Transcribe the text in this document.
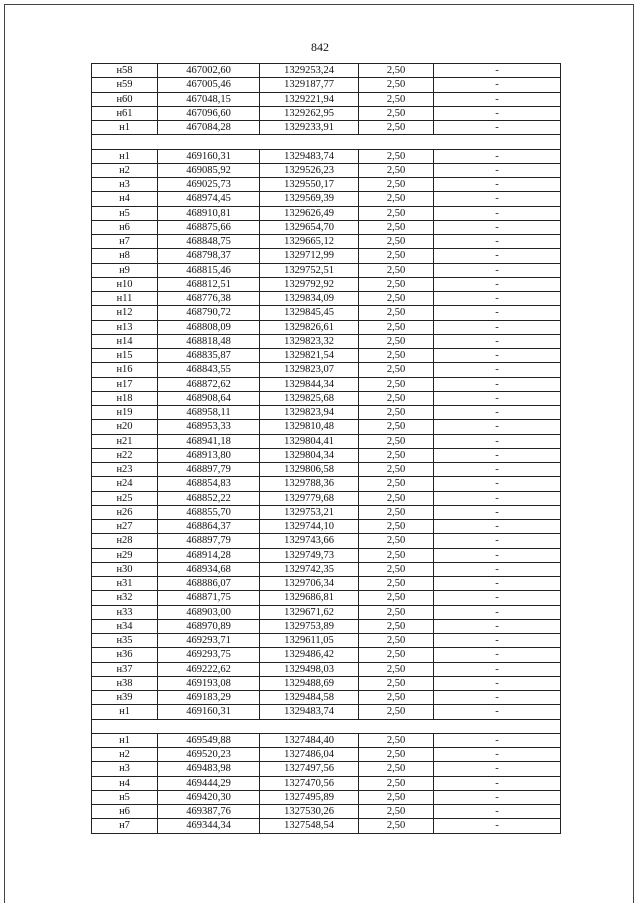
842
н58	467002,60	1329253,24	2,50	-
н59	467005,46	1329187,77	2,50	-
н60	467048,15	1329221,94	2,50	-
н61	467096,60	1329262,95	2,50	-
н1	467084,28	1329233,91	2,50	-

н1	469160,31	1329483,74	2,50	-
н2	469085,92	1329526,23	2,50	-
н3	469025,73	1329550,17	2,50	-
н4	468974,45	1329569,39	2,50	-
н5	468910,81	1329626,49	2,50	-
н6	468875,66	1329654,70	2,50	-
н7	468848,75	1329665,12	2,50	-
н8	468798,37	1329712,99	2,50	-
н9	468815,46	1329752,51	2,50	-
н10	468812,51	1329792,92	2,50	-
н11	468776,38	1329834,09	2,50	-
н12	468790,72	1329845,45	2,50	-
н13	468808,09	1329826,61	2,50	-
н14	468818,48	1329823,32	2,50	-
н15	468835,87	1329821,54	2,50	-
н16	468843,55	1329823,07	2,50	-
н17	468872,62	1329844,34	2,50	-
н18	468908,64	1329825,68	2,50	-
н19	468958,11	1329823,94	2,50	-
н20	468953,33	1329810,48	2,50	-
н21	468941,18	1329804,41	2,50	-
н22	468913,80	1329804,34	2,50	-
н23	468897,79	1329806,58	2,50	-
н24	468854,83	1329788,36	2,50	-
н25	468852,22	1329779,68	2,50	-
н26	468855,70	1329753,21	2,50	-
н27	468864,37	1329744,10	2,50	-
н28	468897,79	1329743,66	2,50	-
н29	468914,28	1329749,73	2,50	-
н30	468934,68	1329742,35	2,50	-
н31	468886,07	1329706,34	2,50	-
н32	468871,75	1329686,81	2,50	-
н33	468903,00	1329671,62	2,50	-
н34	468970,89	1329753,89	2,50	-
н35	469293,71	1329611,05	2,50	-
н36	469293,75	1329486,42	2,50	-
н37	469222,62	1329498,03	2,50	-
н38	469193,08	1329488,69	2,50	-
н39	469183,29	1329484,58	2,50	-
н1	469160,31	1329483,74	2,50	-

н1	469549,88	1327484,40	2,50	-
н2	469520,23	1327486,04	2,50	-
н3	469483,98	1327497,56	2,50	-
н4	469444,29	1327470,56	2,50	-
н5	469420,30	1327495,89	2,50	-
н6	469387,76	1327530,26	2,50	-
н7	469344,34	1327548,54	2,50	-
